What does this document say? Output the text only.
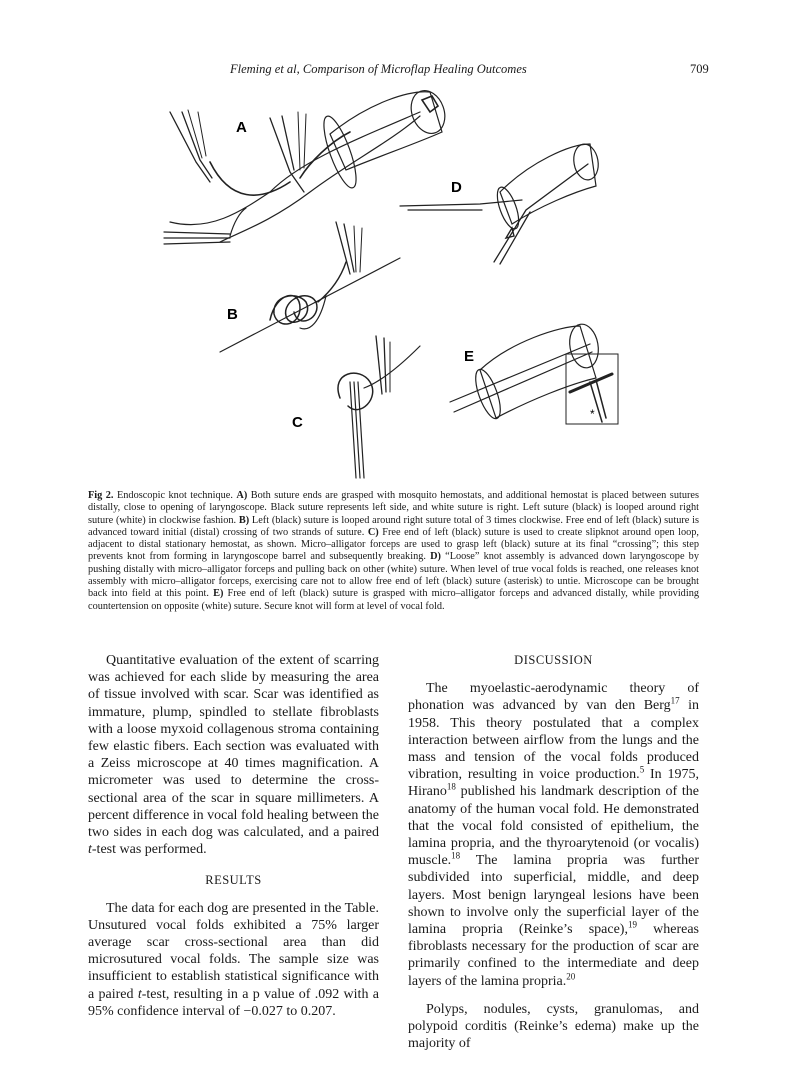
Fleming et al, Comparison of Microflap Healing Outcomes	709
A
B
C
D
E
*
Fig 2. Endoscopic knot technique. A) Both suture ends are grasped with mosquito hemostats, and additional hemostat is placed between sutures distally, close to opening of laryngoscope. Black suture represents left side, and white suture is right. Left suture (black) is looped around right suture (white) in clockwise fashion. B) Left (black) suture is looped around right suture total of 3 times clockwise. Free end of left (black) suture is advanced toward initial (distal) crossing of two strands of suture. C) Free end of left (black) suture is used to create slipknot around open loop, adjacent to distal stationary hemostat, as shown. Micro–alligator forceps are used to grasp left (black) suture at its final “crossing”; this step prevents knot from forming in laryngoscope barrel and subsequently breaking. D) “Loose” knot assembly is advanced down laryngoscope by pushing distally with micro–alligator forceps and pulling back on other (white) suture. When level of true vocal folds is reached, one releases knot assembly with micro–alligator forceps, exercising care not to allow free end of left (black) suture (asterisk) to untie. Microscope can be brought back into field at this point. E) Free end of left (black) suture is grasped with micro–alligator forceps and advanced distally, while providing countertension on opposite (white) suture. Secure knot will form at level of vocal fold.

Quantitative evaluation of the extent of scarring was achieved for each slide by measuring the area of tissue involved with scar. Scar was identified as immature, plump, spindled to stellate fibroblasts with a loose myxoid collagenous stroma containing few elastic fibers. Each section was evaluated with a Zeiss microscope at 40 times magnification. A micrometer was used to determine the cross-sectional area of the scar in square millimeters. A percent difference in vocal fold healing between the two sides in each dog was calculated, and a paired t-test was performed.

RESULTS

The data for each dog are presented in the Table. Unsutured vocal folds exhibited a 75% larger average scar cross-sectional area than did microsutured vocal folds. The sample size was insufficient to establish statistical significance with a paired t-test, resulting in a p value of .092 with a 95% confidence interval of −0.027 to 0.207.

DISCUSSION

The myoelastic-aerodynamic theory of phonation was advanced by van den Berg$^{17}$ in 1958. This theory postulated that a complex interaction between airflow from the lungs and the mass and tension of the vocal folds produced vibration, resulting in voice production.$^5$ In 1975, Hirano$^{18}$ published his landmark description of the anatomy of the human vocal fold. He demonstrated that the vocal fold consisted of epithelium, the lamina propria, and the thyroarytenoid (or vocalis) muscle.$^{18}$ The lamina propria was further subdivided into superficial, middle, and deep layers. Most benign laryngeal lesions have been shown to involve only the superficial layer of the lamina propria (Reinke’s space),$^{19}$ whereas fibroblasts necessary for the production of scar are primarily confined to the intermediate and deep layers of the lamina propria.$^{20}$

Polyps, nodules, cysts, granulomas, and polypoid corditis (Reinke’s edema) make up the majority of
